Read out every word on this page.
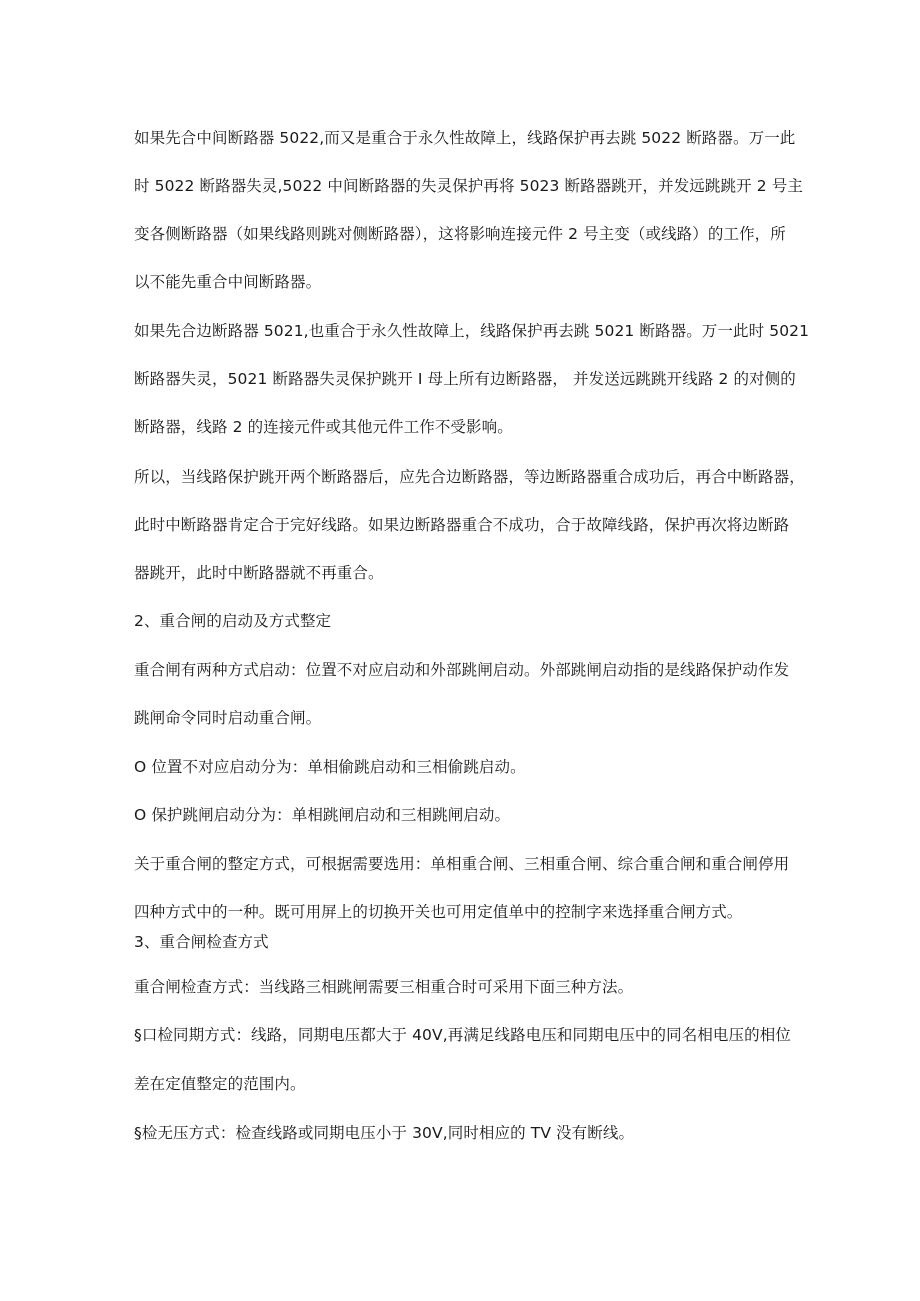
如果先合中间断路器 5022,而又是重合于永久性故障上，线路保护再去跳 5022 断路器。万一此
时 5022 断路器失灵,5022 中间断路器的失灵保护再将 5023 断路器跳开，并发远跳跳开 2 号主
变各侧断路器（如果线路则跳对侧断路器），这将影响连接元件 2 号主变（或线路）的工作，所
以不能先重合中间断路器。
如果先合边断路器 5021,也重合于永久性故障上，线路保护再去跳 5021 断路器。万一此时 5021
断路器失灵，5021 断路器失灵保护跳开 I 母上所有边断路器， 并发送远跳跳开线路 2 的对侧的
断路器，线路 2 的连接元件或其他元件工作不受影响。
所以，当线路保护跳开两个断路器后，应先合边断路器，等边断路器重合成功后，再合中断路器，
此时中断路器肯定合于完好线路。如果边断路器重合不成功，合于故障线路，保护再次将边断路
器跳开，此时中断路器就不再重合。
2、重合闸的启动及方式整定
重合闸有两种方式启动：位置不对应启动和外部跳闸启动。外部跳闸启动指的是线路保护动作发
跳闸命令同时启动重合闸。
O 位置不对应启动分为：单相偷跳启动和三相偷跳启动。
O 保护跳闸启动分为：单相跳闸启动和三相跳闸启动。
关于重合闸的整定方式，可根据需要选用：单相重合闸、三相重合闸、综合重合闸和重合闸停用
四种方式中的一种。既可用屏上的切换开关也可用定值单中的控制字来选择重合闸方式。
3、重合闸检查方式
重合闸检查方式：当线路三相跳闸需要三相重合时可采用下面三种方法。
§口检同期方式：线路，同期电压都大于 40V,再满足线路电压和同期电压中的同名相电压的相位
差在定值整定的范围内。
§检无压方式：检查线路或同期电压小于 30V,同时相应的 TV 没有断线。
